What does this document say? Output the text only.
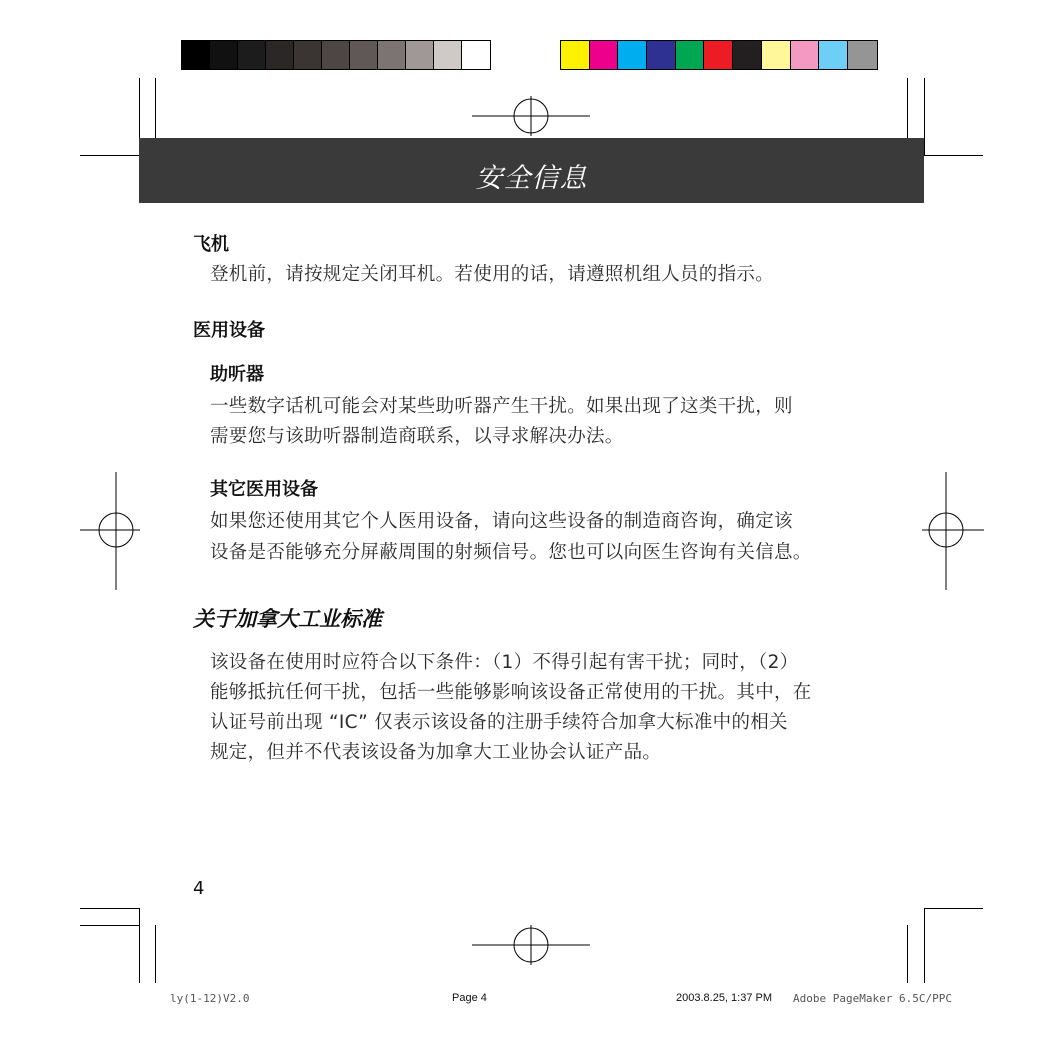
安全信息
飞机
登机前，请按规定关闭耳机。若使用的话，请遵照机组人员的指示。
医用设备
助听器
一些数字话机可能会对某些助听器产生干扰。如果出现了这类干扰，则
需要您与该助听器制造商联系，以寻求解决办法。
其它医用设备
如果您还使用其它个人医用设备，请向这些设备的制造商咨询，确定该
设备是否能够充分屏蔽周围的射频信号。您也可以向医生咨询有关信息。
关于加拿大工业标准
该设备在使用时应符合以下条件：（1）不得引起有害干扰；同时，（2）
能够抵抗任何干扰，包括一些能够影响该设备正常使用的干扰。其中，在
认证号前出现 “IC” 仅表示该设备的注册手续符合加拿大标准中的相关
规定，但并不代表该设备为加拿大工业协会认证产品。
4
ly(1-12)V2.0	Page 4	2003.8.25, 1:37 PM Adobe PageMaker 6.5C/PPC
